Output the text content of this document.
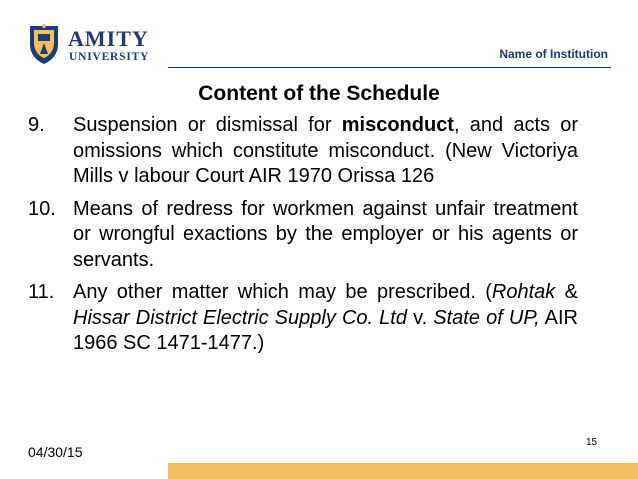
AMITY
UNIVERSITY	Name of Institution
Content of the Schedule
9. Suspension or dismissal for misconduct, and acts or omissions which constitute misconduct. (New Victoriya Mills v labour Court AIR 1970 Orissa 126

10. Means of redress for workmen against unfair treatment or wrongful exactions by the employer or his agents or servants.

11. Any other matter which may be prescribed. (Rohtak & Hissar District Electric Supply Co. Ltd v. State of UP, AIR 1966 SC 1471-1477.)

04/30/15
15
